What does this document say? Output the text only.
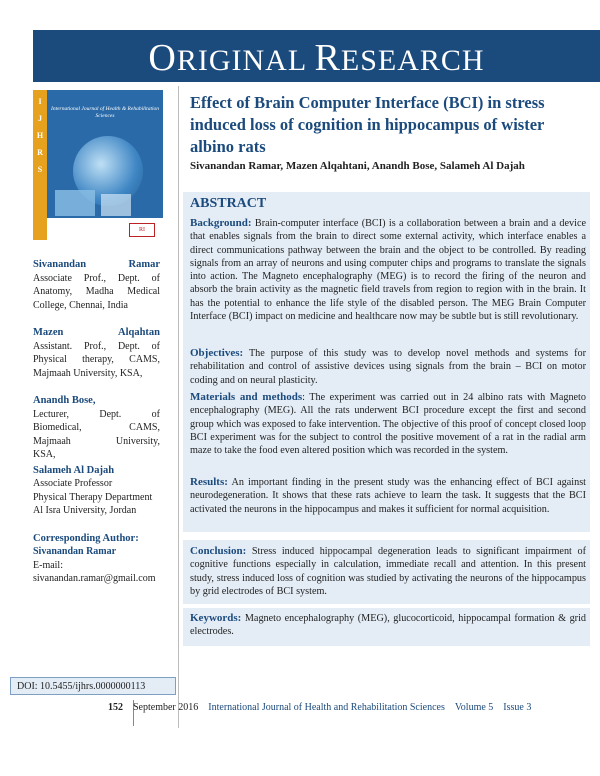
ORIGINAL RESEARCH
I
J
H
R
S
International Journal of Health & Rehabilitation Sciences
RI
Sivanandan	Ramar
Associate Prof., Dept. of
Anatomy, Madha Medical
College, Chennai, India
Mazen	Alqahtan
Assistant. Prof., Dept. of
Physical therapy, CAMS,
Majmaah University, KSA,
Anandh Bose,
Lecturer, Dept. of
Biomedical, CAMS,
Majmaah University,
KSA,
Salameh Al Dajah
Associate Professor
Physical Therapy Department
Al Isra University, Jordan
Corresponding Author:
Sivanandan Ramar
E-mail:
sivanandan.ramar@gmail.com
Effect of Brain Computer Interface (BCI) in stress induced loss of cognition in hippocampus of wister albino rats
Sivanandan Ramar, Mazen Alqahtani, Anandh Bose, Salameh Al Dajah
ABSTRACT
Background: Brain-computer interface (BCI) is a collaboration between a brain and a device that enables signals from the brain to direct some external activity, which interface enables a direct communications pathway between the brain and the object to be controlled. By reading signals from an array of neurons and using computer chips and programs to translate the signals into action. The Magneto encephalography (MEG) is to record the firing of the neuron and absorb the brain activity as the magnetic field travels from region to region with in the brain. It has the potential to enhance the life style of the disabled person. The MEG Brain Computer Interface (BCI) impact on medicine and healthcare now may be subtle but is still revolutionary.
Objectives: The purpose of this study was to develop novel methods and systems for rehabilitation and control of assistive devices using signals from the brain – BCI on motor coding and on neural plasticity.
Materials and methods: The experiment was carried out in 24 albino rats with Magneto encephalography (MEG). All the rats underwent BCI procedure except the first and second group which was exposed to fake intervention. The objective of this proof of concept closed loop BCI experiment was for the subject to control the positive movement of a rat in the radial arm maze to take the food even altered position which was recorded in the system.
Results: An important finding in the present study was the enhancing effect of BCI against neurodegeneration. It shows that these rats achieve to learn the task. It suggests that the BCI activated the neurons in the hippocampus and makes it sufficient for normal acquisition.
Conclusion: Stress induced hippocampal degeneration leads to significant impairment of cognitive functions especially in calculation, immediate recall and attention. In this present study, stress induced loss of cognition was studied by activating the neurons of the hippocampus by grid electrodes of BCI system.
Keywords: Magneto encephalography (MEG), glucocorticoid, hippocampal formation & grid electrodes.
DOI: 10.5455/ijhrs.0000000113
152 September 2016 International Journal of Health and Rehabilitation Sciences Volume 5 Issue 3
